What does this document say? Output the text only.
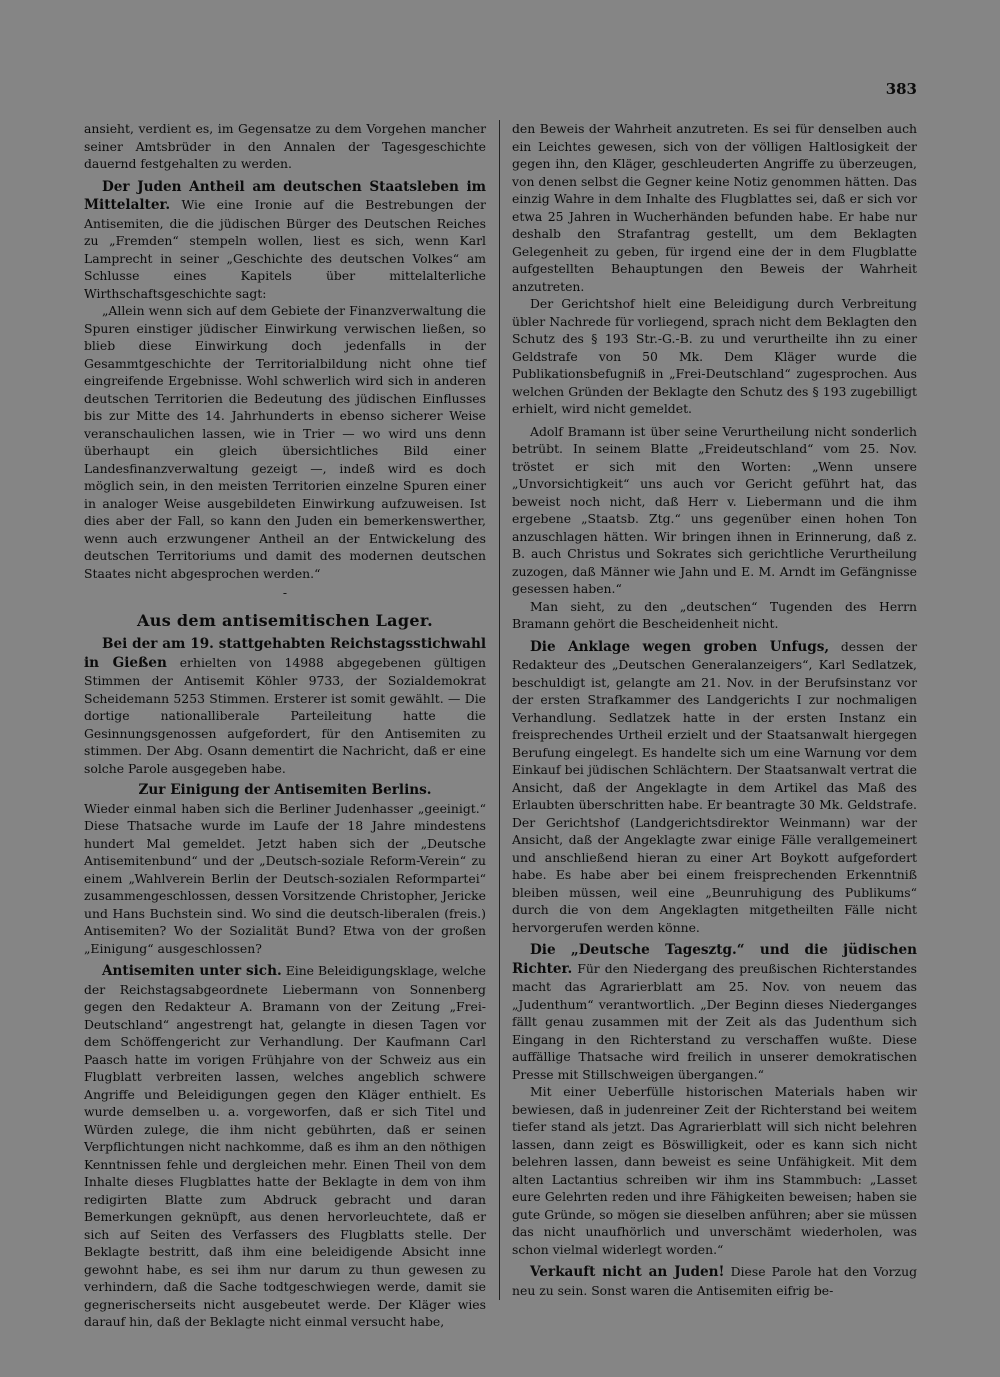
383

ansieht, verdient es, im Gegensatze zu dem Vorgehen mancher seiner Amtsbrüder in den Annalen der Tagesgeschichte dauernd festgehalten zu werden.

Der Juden Antheil am deutschen Staatsleben im Mittelalter. Wie eine Ironie auf die Bestrebungen der Antisemiten, die die jüdischen Bürger des Deutschen Reiches zu „Fremden“ stempeln wollen, liest es sich, wenn Karl Lamprecht in seiner „Geschichte des deutschen Volkes“ am Schlusse eines Kapitels über mittelalterliche Wirthschaftsgeschichte sagt:

„Allein wenn sich auf dem Gebiete der Finanzverwaltung die Spuren einstiger jüdischer Einwirkung verwischen ließen, so blieb diese Einwirkung doch jedenfalls in der Gesammtgeschichte der Territorialbildung nicht ohne tief eingreifende Ergebnisse. Wohl schwerlich wird sich in anderen deutschen Territorien die Bedeutung des jüdischen Einflusses bis zur Mitte des 14. Jahrhunderts in ebenso sicherer Weise veranschaulichen lassen, wie in Trier — wo wird uns denn überhaupt ein gleich übersichtliches Bild einer Landesfinanzverwaltung gezeigt —, indeß wird es doch möglich sein, in den meisten Territorien einzelne Spuren einer in analoger Weise ausgebildeten Einwirkung aufzuweisen. Ist dies aber der Fall, so kann den Juden ein bemerkenswerther, wenn auch erzwungener Antheil an der Entwickelung des deutschen Territoriums und damit des modernen deutschen Staates nicht abgesprochen werden.“

-
Aus dem antisemitischen Lager.

Bei der am 19. stattgehabten Reichstagsstichwahl in Gießen erhielten von 14988 abgegebenen gültigen Stimmen der Antisemit Köhler 9733, der Sozialdemokrat Scheidemann 5253 Stimmen. Ersterer ist somit gewählt. — Die dortige nationalliberale Parteileitung hatte die Gesinnungsgenossen aufgefordert, für den Antisemiten zu stimmen. Der Abg. Osann dementirt die Nachricht, daß er eine solche Parole ausgegeben habe.

Zur Einigung der Antisemiten Berlins.
Wieder einmal haben sich die Berliner Judenhasser „geeinigt.“ Diese Thatsache wurde im Laufe der 18 Jahre mindestens hundert Mal gemeldet. Jetzt haben sich der „Deutsche Antisemitenbund“ und der „Deutsch-soziale Reform-Verein“ zu einem „Wahlverein Berlin der Deutsch-sozialen Reformpartei“ zusammengeschlossen, dessen Vorsitzende Christopher, Jericke und Hans Buchstein sind. Wo sind die deutsch-liberalen (freis.) Antisemiten? Wo der Sozialität Bund? Etwa von der großen „Einigung“ ausgeschlossen?

Antisemiten unter sich. Eine Beleidigungsklage, welche der Reichstagsabgeordnete Liebermann von Sonnenberg gegen den Redakteur A. Bramann von der Zeitung „Frei-Deutschland“ angestrengt hat, gelangte in diesen Tagen vor dem Schöffengericht zur Verhandlung. Der Kaufmann Carl Paasch hatte im vorigen Frühjahre von der Schweiz aus ein Flugblatt verbreiten lassen, welches angeblich schwere Angriffe und Beleidigungen gegen den Kläger enthielt. Es wurde demselben u. a. vorgeworfen, daß er sich Titel und Würden zulege, die ihm nicht gebührten, daß er seinen Verpflichtungen nicht nachkomme, daß es ihm an den nöthigen Kenntnissen fehle und dergleichen mehr. Einen Theil von dem Inhalte dieses Flugblattes hatte der Beklagte in dem von ihm redigirten Blatte zum Abdruck gebracht und daran Bemerkungen geknüpft, aus denen hervorleuchtete, daß er sich auf Seiten des Verfassers des Flugblatts stelle. Der Beklagte bestritt, daß ihm eine beleidigende Absicht inne gewohnt habe, es sei ihm nur darum zu thun gewesen zu verhindern, daß die Sache todtgeschwiegen werde, damit sie gegnerischerseits nicht ausgebeutet werde. Der Kläger wies darauf hin, daß der Beklagte nicht einmal versucht habe,

den Beweis der Wahrheit anzutreten. Es sei für denselben auch ein Leichtes gewesen, sich von der völligen Haltlosigkeit der gegen ihn, den Kläger, geschleuderten Angriffe zu überzeugen, von denen selbst die Gegner keine Notiz genommen hätten. Das einzig Wahre in dem Inhalte des Flugblattes sei, daß er sich vor etwa 25 Jahren in Wucherhänden befunden habe. Er habe nur deshalb den Strafantrag gestellt, um dem Beklagten Gelegenheit zu geben, für irgend eine der in dem Flugblatte aufgestellten Behauptungen den Beweis der Wahrheit anzutreten.

Der Gerichtshof hielt eine Beleidigung durch Verbreitung übler Nachrede für vorliegend, sprach nicht dem Beklagten den Schutz des § 193 Str.-G.-B. zu und verurtheilte ihn zu einer Geldstrafe von 50 Mk. Dem Kläger wurde die Publikationsbefugniß in „Frei-Deutschland“ zugesprochen. Aus welchen Gründen der Beklagte den Schutz des § 193 zugebilligt erhielt, wird nicht gemeldet.

Adolf Bramann ist über seine Verurtheilung nicht sonderlich betrübt. In seinem Blatte „Freideutschland“ vom 25. Nov. tröstet er sich mit den Worten: „Wenn unsere „Unvorsichtigkeit“ uns auch vor Gericht geführt hat, das beweist noch nicht, daß Herr v. Liebermann und die ihm ergebene „Staatsb. Ztg.“ uns gegenüber einen hohen Ton anzuschlagen hätten. Wir bringen ihnen in Erinnerung, daß z. B. auch Christus und Sokrates sich gerichtliche Verurtheilung zuzogen, daß Männer wie Jahn und E. M. Arndt im Gefängnisse gesessen haben.“

Man sieht, zu den „deutschen“ Tugenden des Herrn Bramann gehört die Bescheidenheit nicht.

Die Anklage wegen groben Unfugs, dessen der Redakteur des „Deutschen Generalanzeigers“, Karl Sedlatzek, beschuldigt ist, gelangte am 21. Nov. in der Berufsinstanz vor der ersten Strafkammer des Landgerichts I zur nochmaligen Verhandlung. Sedlatzek hatte in der ersten Instanz ein freisprechendes Urtheil erzielt und der Staatsanwalt hiergegen Berufung eingelegt. Es handelte sich um eine Warnung vor dem Einkauf bei jüdischen Schlächtern. Der Staatsanwalt vertrat die Ansicht, daß der Angeklagte in dem Artikel das Maß des Erlaubten überschritten habe. Er beantragte 30 Mk. Geldstrafe. Der Gerichtshof (Landgerichtsdirektor Weinmann) war der Ansicht, daß der Angeklagte zwar einige Fälle verallgemeinert und anschließend hieran zu einer Art Boykott aufgefordert habe. Es habe aber bei einem freisprechenden Erkenntniß bleiben müssen, weil eine „Beunruhigung des Publikums“ durch die von dem Angeklagten mitgetheilten Fälle nicht hervorgerufen werden könne.

Die „Deutsche Tagesztg.“ und die jüdischen Richter. Für den Niedergang des preußischen Richterstandes macht das Agrarierblatt am 25. Nov. von neuem das „Judenthum“ verantwortlich. „Der Beginn dieses Niederganges fällt genau zusammen mit der Zeit als das Judenthum sich Eingang in den Richterstand zu verschaffen wußte. Diese auffällige Thatsache wird freilich in unserer demokratischen Presse mit Stillschweigen übergangen.“

Mit einer Ueberfülle historischen Materials haben wir bewiesen, daß in judenreiner Zeit der Richterstand bei weitem tiefer stand als jetzt. Das Agrarierblatt will sich nicht belehren lassen, dann zeigt es Böswilligkeit, oder es kann sich nicht belehren lassen, dann beweist es seine Unfähigkeit. Mit dem alten Lactantius schreiben wir ihm ins Stammbuch: „Lasset eure Gelehrten reden und ihre Fähigkeiten beweisen; haben sie gute Gründe, so mögen sie dieselben anführen; aber sie müssen das nicht unaufhörlich und unverschämt wiederholen, was schon vielmal widerlegt worden.“

Verkauft nicht an Juden! Diese Parole hat den Vorzug neu zu sein. Sonst waren die Antisemiten eifrig be-
